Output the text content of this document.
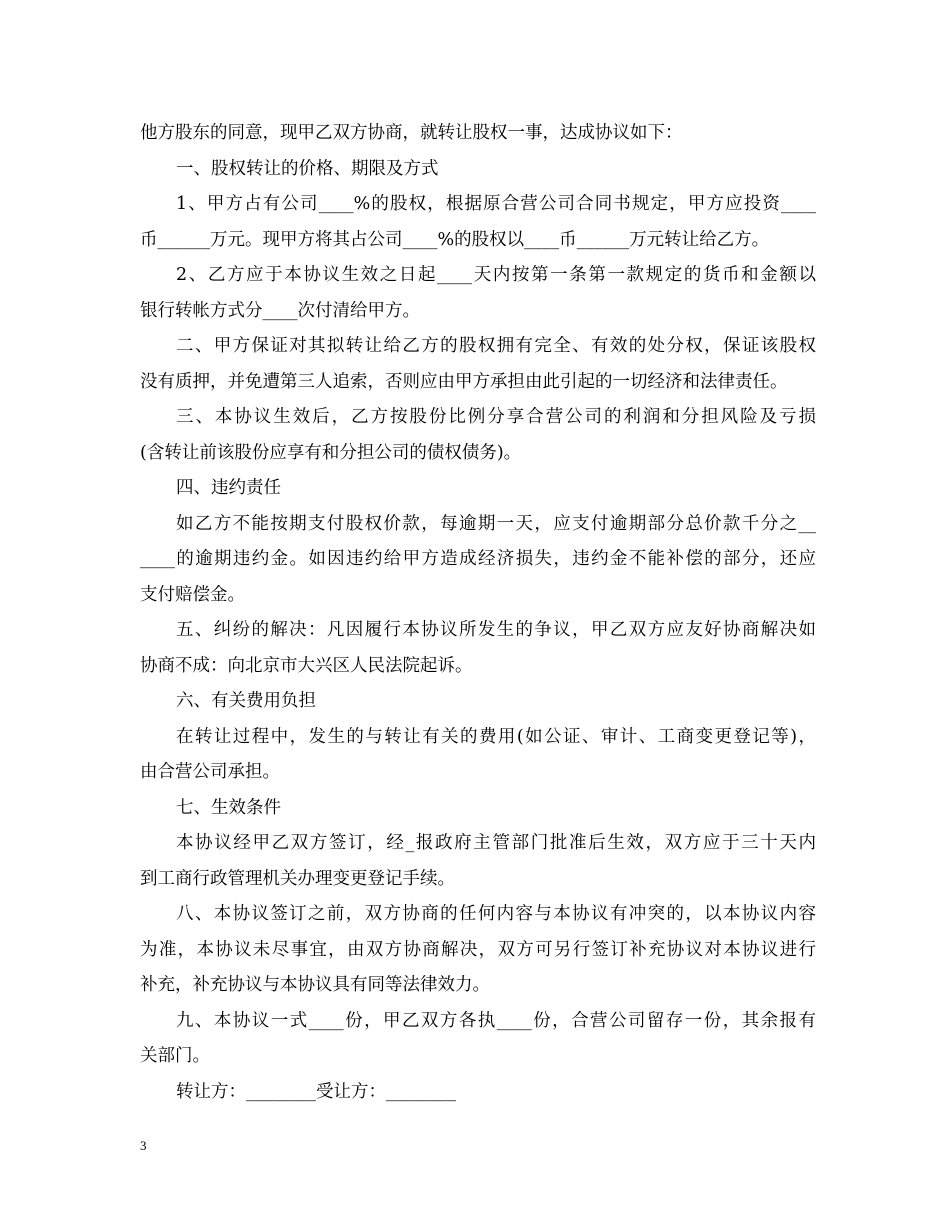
他方股东的同意，现甲乙双方协商，就转让股权一事，达成协议如下：
一、股权转让的价格、期限及方式
1、甲方占有公司____%的股权，根据原合营公司合同书规定，甲方应投资____
币______万元。现甲方将其占公司____%的股权以____币______万元转让给乙方。
2、乙方应于本协议生效之日起____天内按第一条第一款规定的货币和金额以
银行转帐方式分____次付清给甲方。
二、甲方保证对其拟转让给乙方的股权拥有完全、有效的处分权，保证该股权
没有质押，并免遭第三人追索，否则应由甲方承担由此引起的一切经济和法律责任。
三、本协议生效后，乙方按股份比例分享合营公司的利润和分担风险及亏损
(含转让前该股份应享有和分担公司的债权债务)。
四、违约责任
如乙方不能按期支付股权价款，每逾期一天，应支付逾期部分总价款千分之__
____的逾期违约金。如因违约给甲方造成经济损失，违约金不能补偿的部分，还应
支付赔偿金。
五、纠纷的解决：凡因履行本协议所发生的争议，甲乙双方应友好协商解决如
协商不成：向北京市大兴区人民法院起诉。
六、有关费用负担
在转让过程中，发生的与转让有关的费用(如公证、审计、工商变更登记等)，
由合营公司承担。
七、生效条件
本协议经甲乙双方签订，经_报政府主管部门批准后生效，双方应于三十天内
到工商行政管理机关办理变更登记手续。
八、本协议签订之前，双方协商的任何内容与本协议有冲突的，以本协议内容
为准，本协议未尽事宜，由双方协商解决，双方可另行签订补充协议对本协议进行
补充，补充协议与本协议具有同等法律效力。
九、本协议一式____份，甲乙双方各执____份，合营公司留存一份，其余报有
关部门。
转让方：________受让方：________
3
